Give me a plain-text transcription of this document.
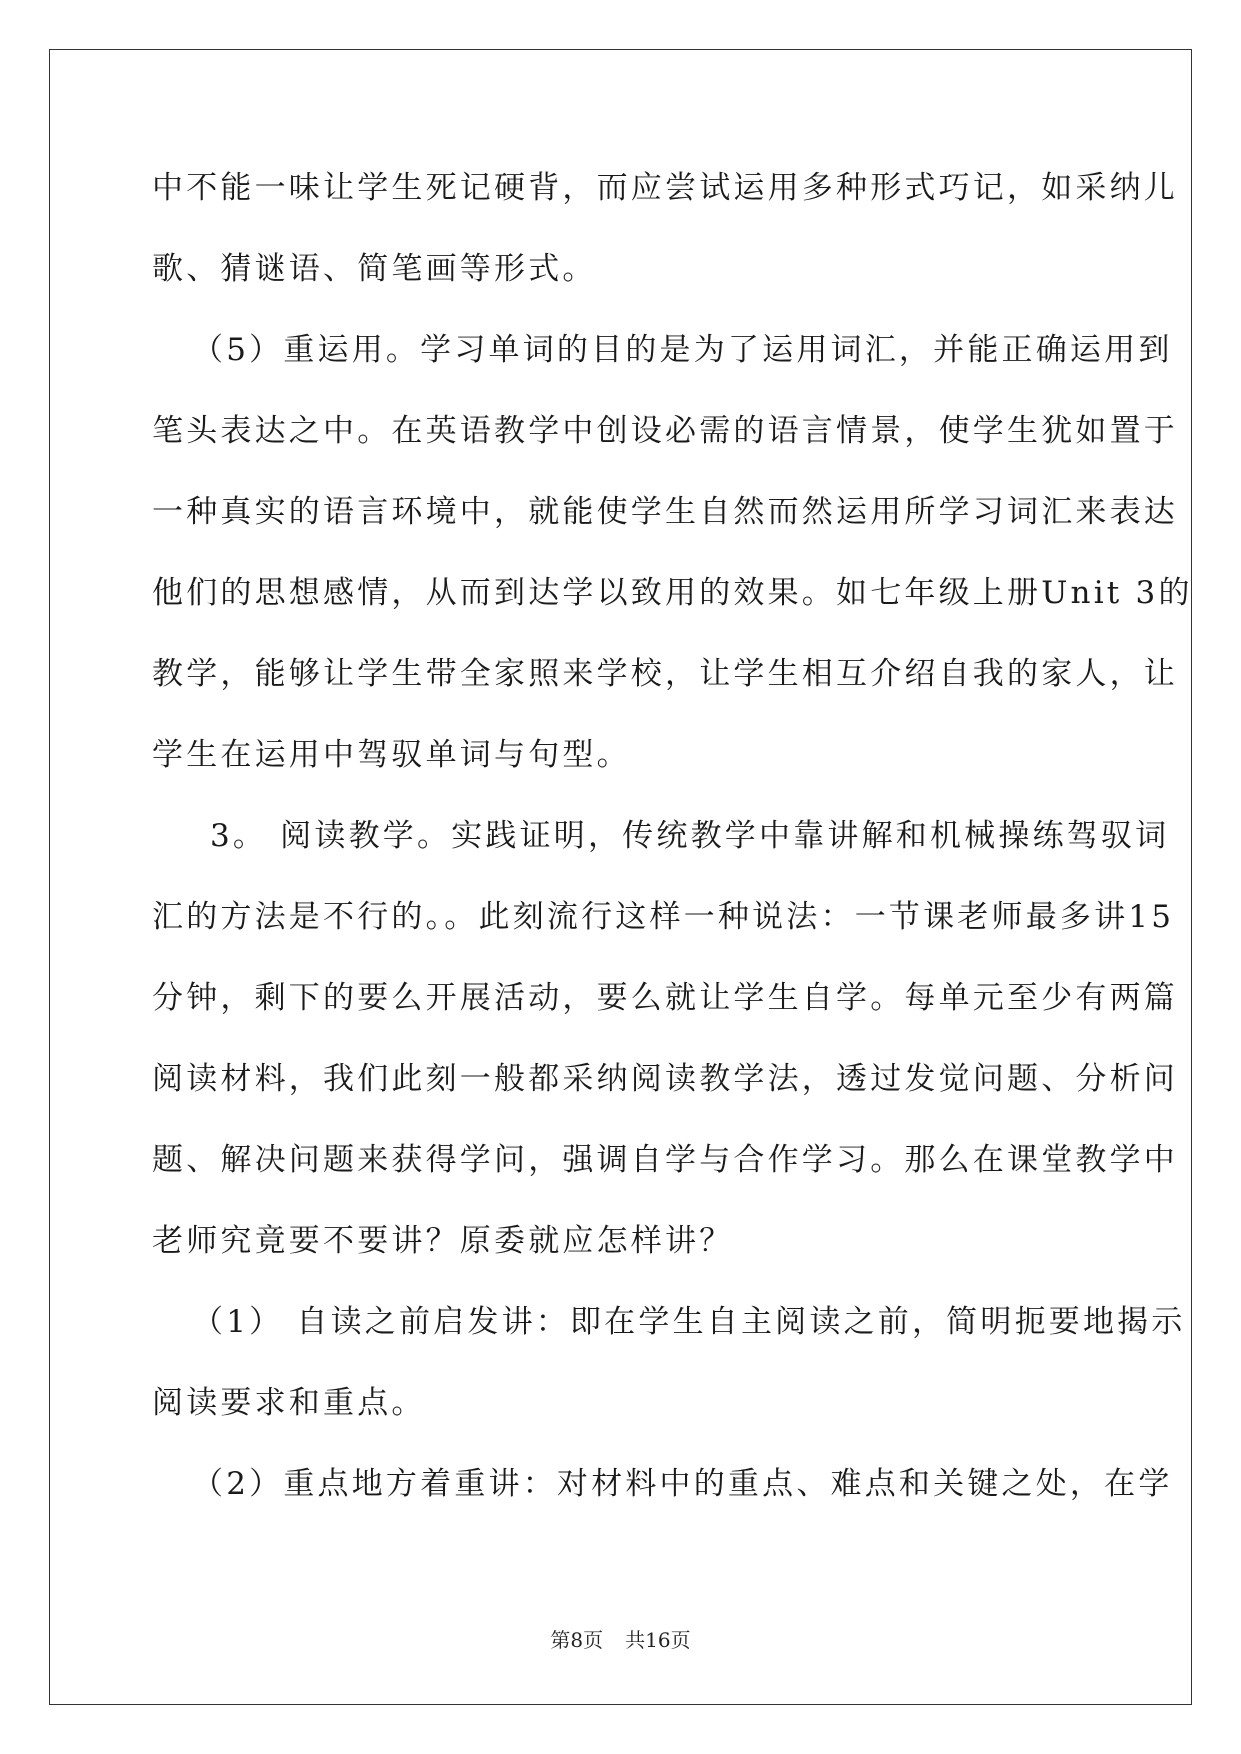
中不能一味让学生死记硬背，而应尝试运用多种形式巧记，如采纳儿
歌、猜谜语、简笔画等形式。
（5）重运用。学习单词的目的是为了运用词汇，并能正确运用到
笔头表达之中。在英语教学中创设必需的语言情景，使学生犹如置于
一种真实的语言环境中，就能使学生自然而然运用所学习词汇来表达
他们的思想感情，从而到达学以致用的效果。如七年级上册Unit 3的
教学，能够让学生带全家照来学校，让学生相互介绍自我的家人，让
学生在运用中驾驭单词与句型。
3。 阅读教学。实践证明，传统教学中靠讲解和机械操练驾驭词
汇的方法是不行的。。此刻流行这样一种说法：一节课老师最多讲15
分钟，剩下的要么开展活动，要么就让学生自学。每单元至少有两篇
阅读材料，我们此刻一般都采纳阅读教学法，透过发觉问题、分析问
题、解决问题来获得学问，强调自学与合作学习。那么在课堂教学中
老师究竟要不要讲？原委就应怎样讲？
（1） 自读之前启发讲：即在学生自主阅读之前，简明扼要地揭示
阅读要求和重点。
（2）重点地方着重讲：对材料中的重点、难点和关键之处，在学
第8页 共16页
